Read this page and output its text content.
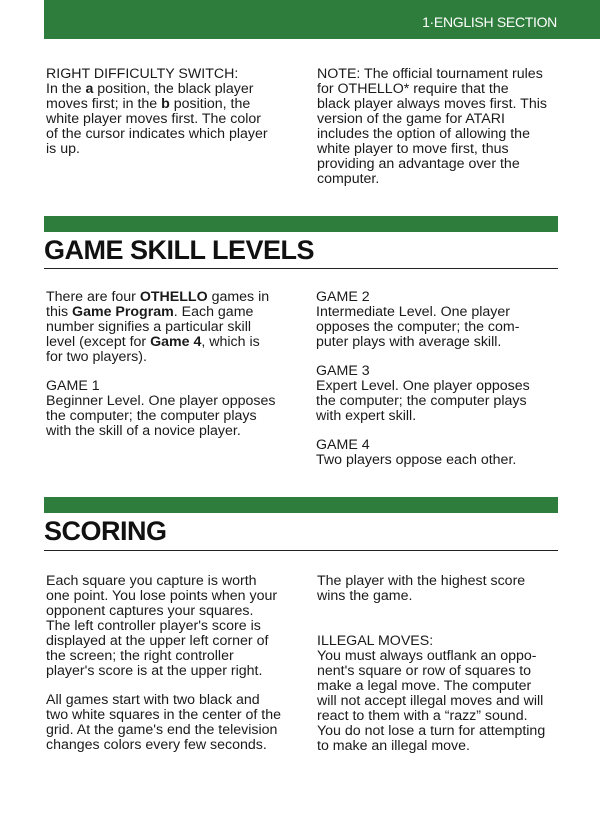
1·ENGLISH SECTION

RIGHT DIFFICULTY SWITCH:

In the a position, the black player

moves first; in the b position, the

white player moves first. The color

of the cursor indicates which player

is up.

NOTE: The official tournament rules

for OTHELLO* require that the

black player always moves first. This

version of the game for ATARI

includes the option of allowing the

white player to move first, thus

providing an advantage over the

computer.

GAME SKILL LEVELS

There are four OTHELLO games in

this Game Program. Each game

number signifies a particular skill

level (except for Game 4, which is

for two players).

GAME 1

Beginner Level. One player opposes

the computer; the computer plays

with the skill of a novice player.

GAME 2

Intermediate Level. One player

opposes the computer; the com-

puter plays with average skill.

GAME 3

Expert Level. One player opposes

the computer; the computer plays

with expert skill.

GAME 4

Two players oppose each other.

SCORING

Each square you capture is worth

one point. You lose points when your

opponent captures your squares.

The left controller player's score is

displayed at the upper left corner of

the screen; the right controller

player's score is at the upper right.

All games start with two black and

two white squares in the center of the

grid. At the game's end the television

changes colors every few seconds.

The player with the highest score

wins the game.

ILLEGAL MOVES:

You must always outflank an oppo-

nent's square or row of squares to

make a legal move. The computer

will not accept illegal moves and will

react to them with a “razz” sound.

You do not lose a turn for attempting

to make an illegal move.
